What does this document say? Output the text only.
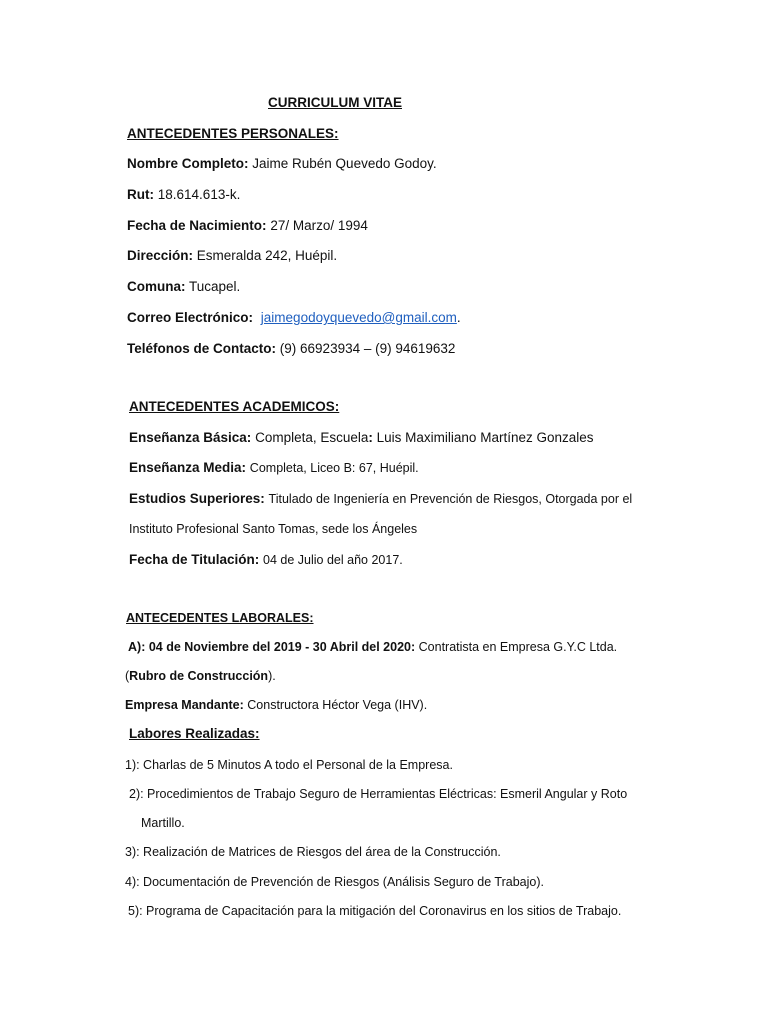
CURRICULUM VITAE
ANTECEDENTES PERSONALES:
Nombre Completo: Jaime Rubén Quevedo Godoy.
Rut: 18.614.613-k.
Fecha de Nacimiento: 27/ Marzo/ 1994
Dirección: Esmeralda 242, Huépil.
Comuna: Tucapel.
Correo Electrónico: jaimegodoyquevedo@gmail.com.
Teléfonos de Contacto: (9) 66923934 – (9) 94619632
ANTECEDENTES ACADEMICOS:
Enseñanza Básica: Completa, Escuela: Luis Maximiliano Martínez Gonzales
Enseñanza Media: Completa, Liceo B: 67, Huépil.
Estudios Superiores: Titulado de Ingeniería en Prevención de Riesgos, Otorgada por el
Instituto Profesional Santo Tomas, sede los Ángeles
Fecha de Titulación: 04 de Julio del año 2017.
ANTECEDENTES LABORALES:
A): 04 de Noviembre del 2019 - 30 Abril del 2020: Contratista en Empresa G.Y.C Ltda.
(Rubro de Construcción).
Empresa Mandante: Constructora Héctor Vega (IHV).
Labores Realizadas:
1): Charlas de 5 Minutos A todo el Personal de la Empresa.
2): Procedimientos de Trabajo Seguro de Herramientas Eléctricas: Esmeril Angular y Roto
Martillo.
3): Realización de Matrices de Riesgos del área de la Construcción.
4): Documentación de Prevención de Riesgos (Análisis Seguro de Trabajo).
5): Programa de Capacitación para la mitigación del Coronavirus en los sitios de Trabajo.
